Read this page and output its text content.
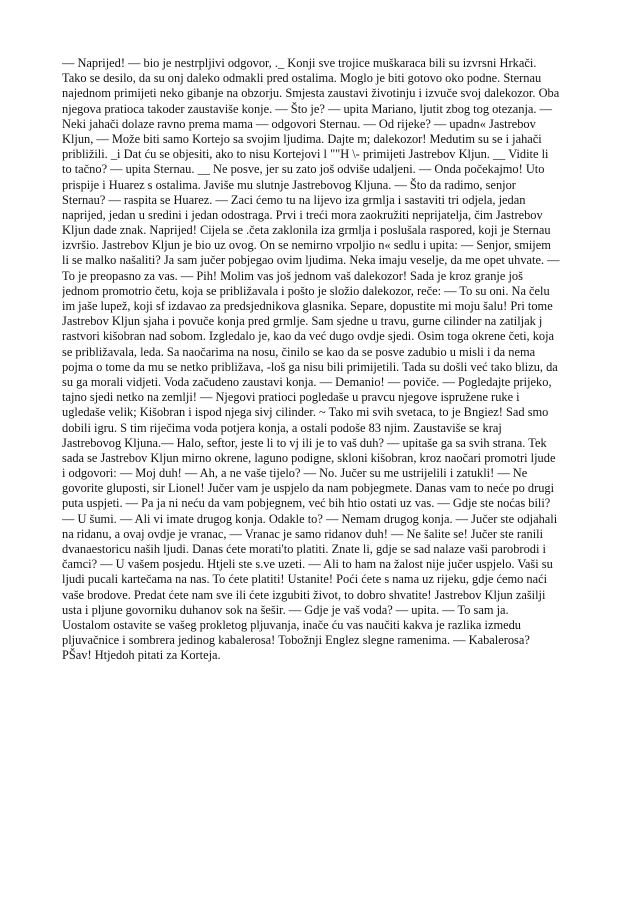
— Naprijed! — bio je nestrpljivi odgovor, ._ Konji sve trojice muškaraca bili su izvrsni Hrkači.
Tako se desilo, da su onj daleko odmakli pred ostalima. Moglo je biti gotovo oko podne. Sternau
najednom primijeti neko gibanje na obzorju. Smjesta zaustavi životinju i izvuče svoj dalekozor. Oba
njegova pratioca takoder zaustaviše konje. — Što je? — upita Mariano, ljutit zbog tog otezanja. —
Neki jahači dolaze ravno prema mama — odgovori Sternau. — Od rijeke? — upadn« Jastrebov
Kljun, — Može biti samo Kortejo sa svojim ljudima. Dajte m; dalekozor! Medutim su se i jahači
približili. _i Dat ću se objesiti, ako to nisu Kortejovi l ""H \- primijeti Jastrebov Kljun. __ Vidite li
to tačno? — upita Sternau. __ Ne posve, jer su zato još odviše udaljeni. — Onda počekajmo! Uto
prispije i Huarez s ostalima. Javiše mu slutnje Jastrebovog Kljuna. — Što da radimo, senjor
Sternau? — raspita se Huarez. — Zaci ćemo tu na lijevo iza grmlja i sastaviti tri odjela, jedan
naprijed, jedan u sredini i jedan odostraga. Prvi i treći mora zaokružiti neprijatelja, čim Jastrebov
Kljun dade znak. Naprijed! Cijela se .četa zaklonila iza grmlja i poslušala raspored, koji je Sternau
izvršio. Jastrebov Kljun je bio uz ovog. On se nemirno vrpoljio n« sedlu i upita: — Senjor, smijem
li se malko našaliti? Ja sam jučer pobjegao ovim ljudima. Neka imaju veselje, da me opet uhvate. —
To je preopasno za vas. — Pih! Molim vas još jednom vaš dalekozor! Sada je kroz granje još
jednom promotrio četu, koja se približavala i pošto je složio dalekozor, reče: — To su oni. Na čelu
im jaše lupež, koji sf izdavao za predsjednikova glasnika. Separe, dopustite mi moju šalu! Pri tome
Jastrebov Kljun sjaha i povuče konja pred grmlje. Sam sjedne u travu, gurne cilinder na zatiljak j
rastvori kišobran nad sobom. Izgledalo je, kao da već dugo ovdje sjedi. Osim toga okrene četi, koja
se približavala, leda. Sa naočarima na nosu, činilo se kao da se posve zadubio u misli i da nema
pojma o tome da mu se netko približava, -loš ga nisu bili primijetili. Tada su došli već tako blizu, da
su ga morali vidjeti. Voda začudeno zaustavi konja. — Demanio! — poviče. — Pogledajte prijeko,
tajno sjedi netko na zemlji! — Njegovi pratioci pogledaše u pravcu njegove ispružene ruke i
ugledaše velik; Kišobran i ispod njega sivj cilinder. ~ Tako mi svih svetaca, to je Bngiez! Sad smo
dobili igru. S tim riječima voda potjera konja, a ostali podoše 83 njim. Zaustaviše se kraj
Jastrebovog Kljuna.— Halo, seftor, jeste li to vj ili je to vaš duh? — upitaše ga sa svih strana. Tek
sada se Jastrebov Kljun mirno okrene, laguno podigne, skloni kišobran, kroz naočari promotri ljude
i odgovori: — Moj duh! — Ah, a ne vaše tijelo? — No. Jučer su me ustrijelili i zatukli! — Ne
govorite gluposti, sir Lionel! Jučer vam je uspjelo da nam pobjegmete. Danas vam to neće po drugi
puta uspjeti. — Pa ja ni neću da vam pobjegnem, već bih htio ostati uz vas. — Gdje ste noćas bili?
— U šumi. — Ali vi imate drugog konja. Odakle to? — Nemam drugog konja. — Jučer ste odjahali
na ridanu, a ovaj ovdje je vranac, — Vranac je samo ridanov duh! — Ne šalite se! Jučer ste ranili
dvanaestoricu naših ljudi. Danas ćete morati'to platiti. Znate li, gdje se sad nalaze vaši parobrodi i
čamci? — U vašem posjedu. Htjeli ste s.ve uzeti. — Ali to ham na žalost nije jučer uspjelo. Vaši su
ljudi pucali kartečama na nas. To ćete platiti! Ustanite! Poći ćete s nama uz rijeku, gdje ćemo naći
vaše brodove. Predat ćete nam sve ili ćete izgubiti život, to dobro shvatite! Jastrebov Kljun zašilji
usta i pljune govorniku duhanov sok na šešir. — Gdje je vaš voda? — upita. — To sam ja.
Uostalom ostavite se vašeg prokletog pljuvanja, inače ću vas naučiti kakva je razlika izmedu
pljuvačnice i sombrera jedinog kabalerosa! Tobožnji Englez slegne ramenima. — Kabalerosa?
PŠav! Htjedoh pitati za Korteja.
